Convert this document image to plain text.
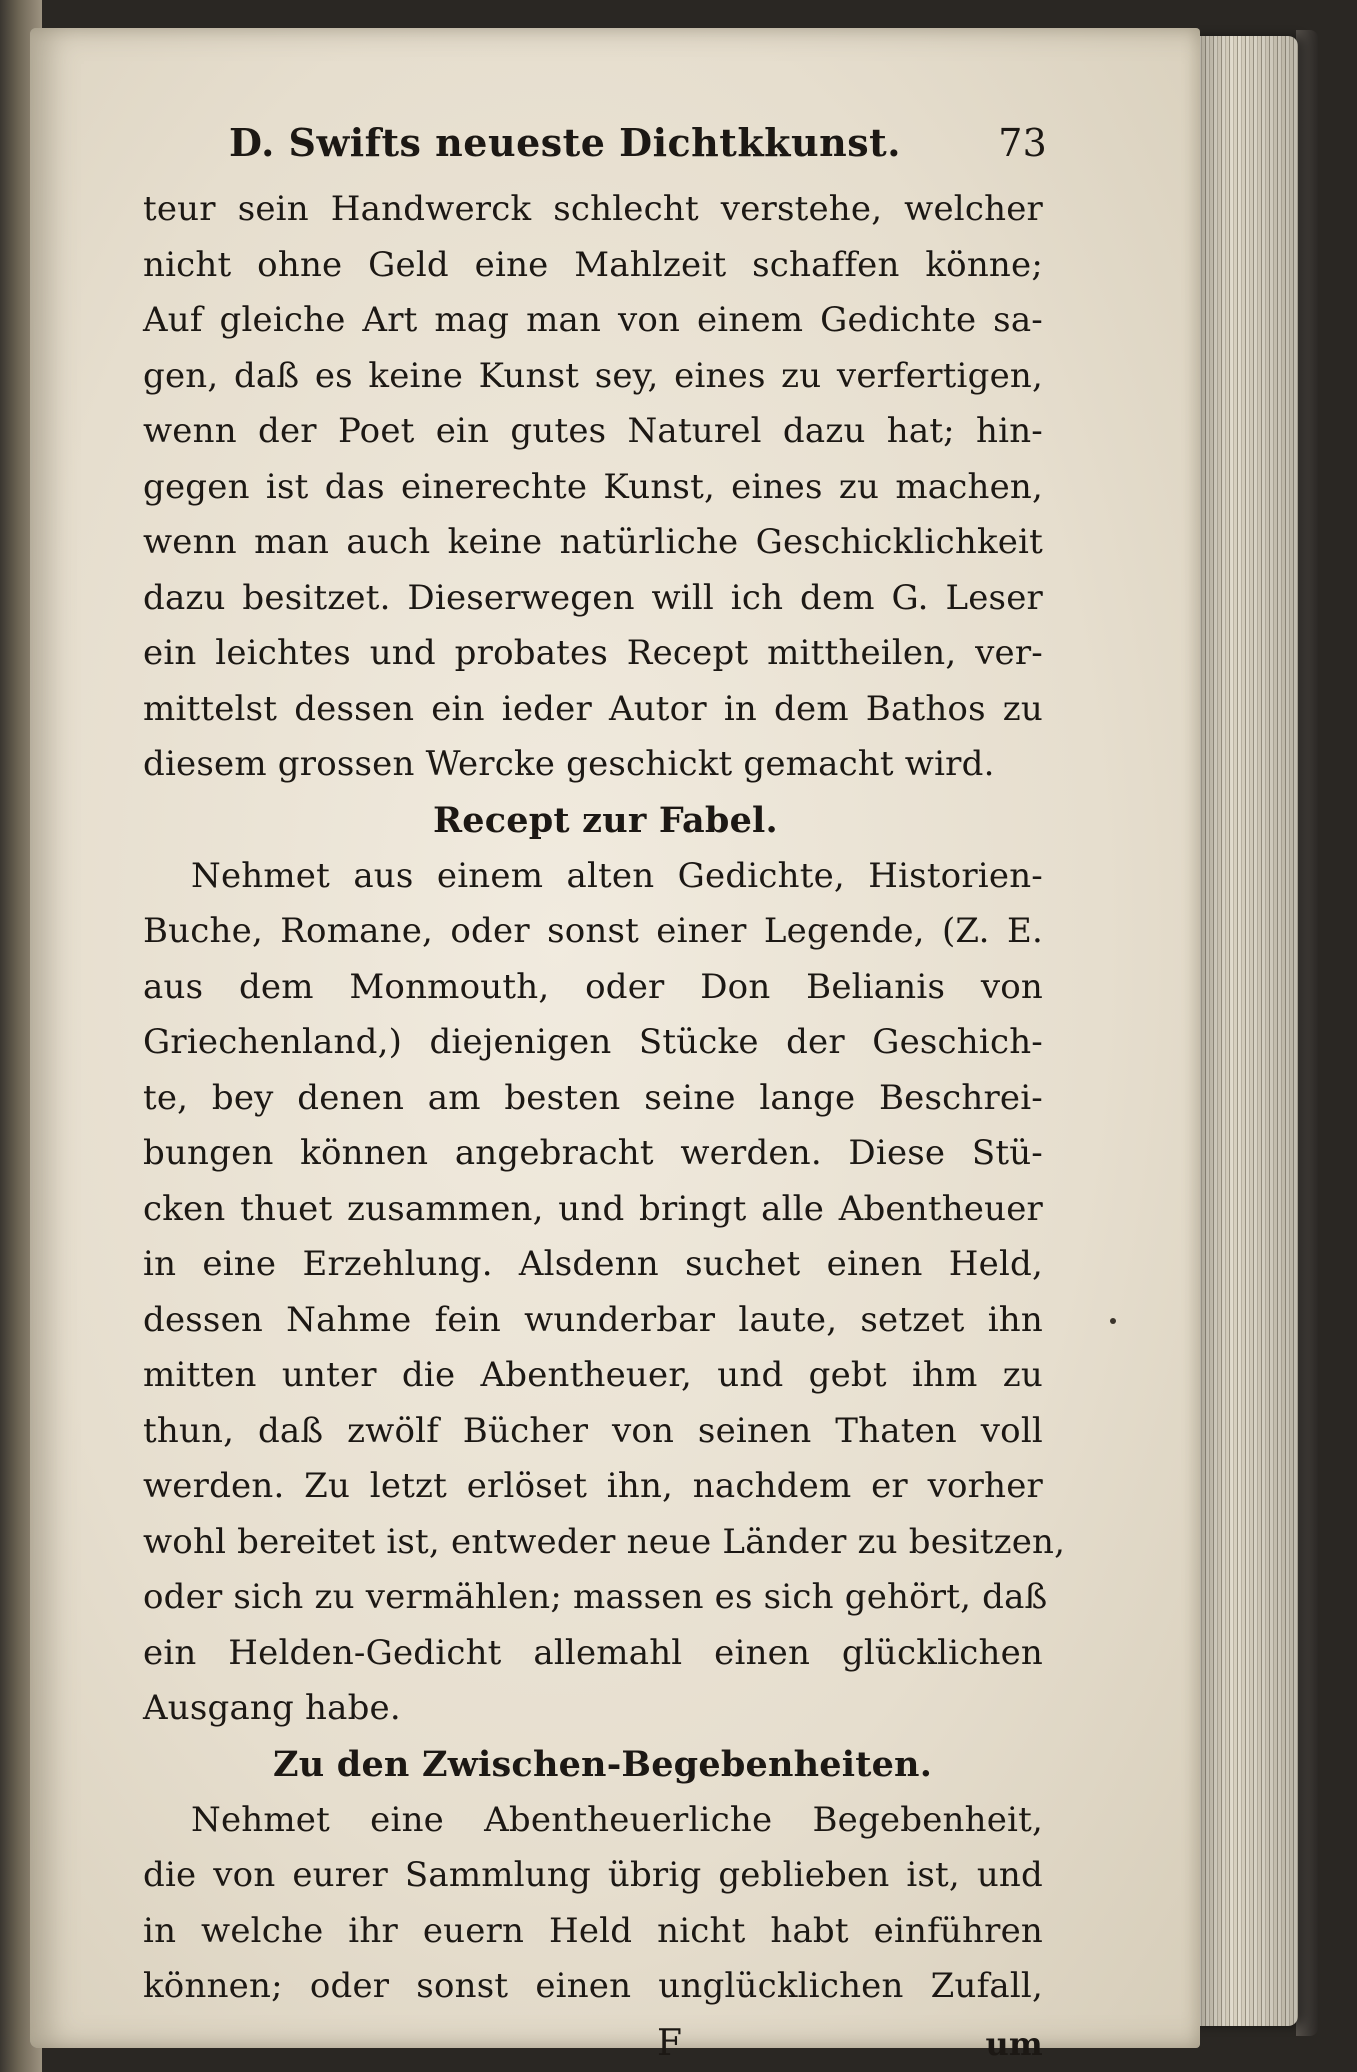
D. Swifts neueste Dichtkkunst.	73
teur sein Handwerck schlecht verstehe, welcher
nicht ohne Geld eine Mahlzeit schaffen könne;
Auf gleiche Art mag man von einem Gedichte sa-
gen, daß es keine Kunst sey, eines zu verfertigen,
wenn der Poet ein gutes Naturel dazu hat; hin-
gegen ist das einerechte Kunst, eines zu machen,
wenn man auch keine natürliche Geschicklichkeit
dazu besitzet. Dieserwegen will ich dem G. Leser
ein leichtes und probates Recept mittheilen, ver-
mittelst dessen ein ieder Autor in dem Bathos zu
diesem grossen Wercke geschickt gemacht wird.
Recept zur Fabel.
Nehmet aus einem alten Gedichte, Historien-
Buche, Romane, oder sonst einer Legende, (Z. E.
aus dem Monmouth, oder Don Belianis von
Griechenland,) diejenigen Stücke der Geschich-
te, bey denen am besten seine lange Beschrei-
bungen können angebracht werden. Diese Stü-
cken thuet zusammen, und bringt alle Abentheuer
in eine Erzehlung. Alsdenn suchet einen Held,
dessen Nahme fein wunderbar laute, setzet ihn
mitten unter die Abentheuer, und gebt ihm zu
thun, daß zwölf Bücher von seinen Thaten voll
werden. Zu letzt erlöset ihn, nachdem er vorher
wohl bereitet ist, entweder neue Länder zu besitzen,
oder sich zu vermählen; massen es sich gehört, daß
ein Helden-Gedicht allemahl einen glücklichen
Ausgang habe.
Zu den Zwischen-Begebenheiten.
Nehmet eine Abentheuerliche Begebenheit,
die von eurer Sammlung übrig geblieben ist, und
in welche ihr euern Held nicht habt einführen
können; oder sonst einen unglücklichen Zufall,
F	um
